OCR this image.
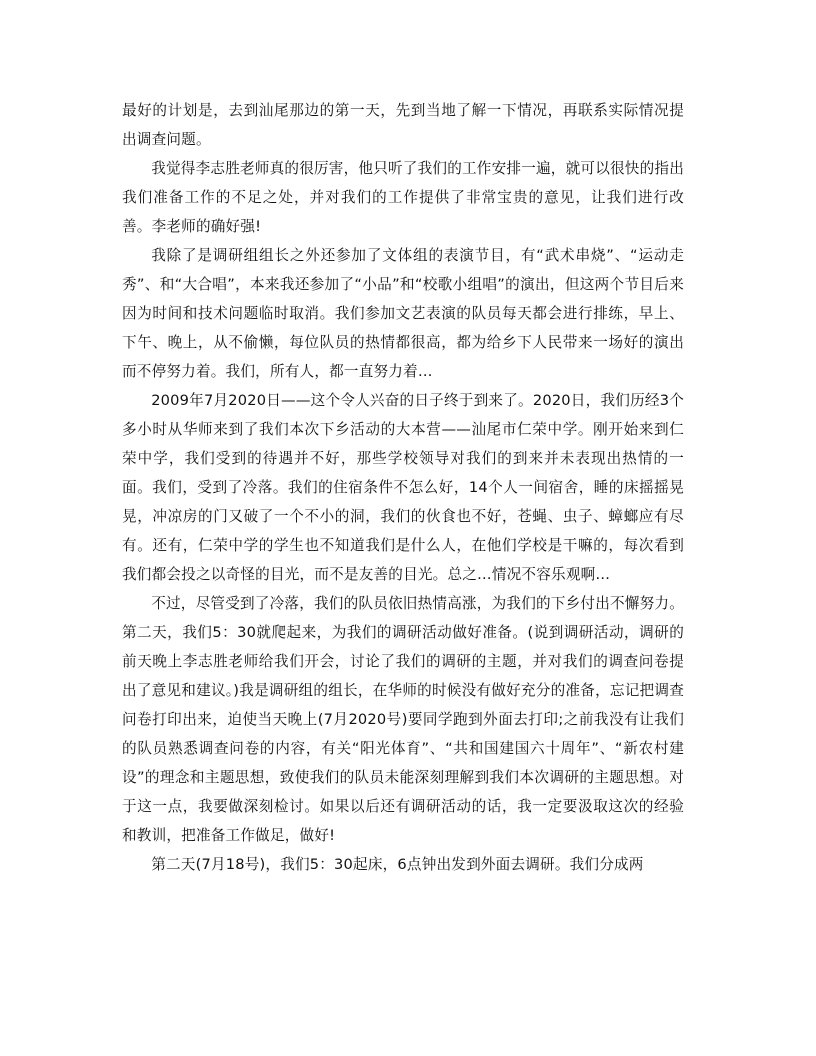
最好的计划是，去到汕尾那边的第一天，先到当地了解一下情况，再联系实际情况提出调查问题。

我觉得李志胜老师真的很厉害，他只听了我们的工作安排一遍，就可以很快的指出我们准备工作的不足之处，并对我们的工作提供了非常宝贵的意见，让我们进行改善。李老师的确好强!

我除了是调研组组长之外还参加了文体组的表演节目，有“武术串烧”、“运动走秀”、和“大合唱”，本来我还参加了“小品”和“校歌小组唱”的演出，但这两个节目后来因为时间和技术问题临时取消。我们参加文艺表演的队员每天都会进行排练，早上、下午、晚上，从不偷懒，每位队员的热情都很高，都为给乡下人民带来一场好的演出而不停努力着。我们，所有人，都一直努力着…

2009年7月2020日——这个令人兴奋的日子终于到来了。2020日，我们历经3个多小时从华师来到了我们本次下乡活动的大本营——汕尾市仁荣中学。刚开始来到仁荣中学，我们受到的待遇并不好，那些学校领导对我们的到来并未表现出热情的一面。我们，受到了冷落。我们的住宿条件不怎么好，14个人一间宿舍，睡的床摇摇晃晃，冲凉房的门又破了一个不小的洞，我们的伙食也不好，苍蝇、虫子、蟑螂应有尽有。还有，仁荣中学的学生也不知道我们是什么人，在他们学校是干嘛的，每次看到我们都会投之以奇怪的目光，而不是友善的目光。总之…情况不容乐观啊…

不过，尽管受到了冷落，我们的队员依旧热情高涨，为我们的下乡付出不懈努力。第二天，我们5：30就爬起来，为我们的调研活动做好准备。(说到调研活动，调研的前天晚上李志胜老师给我们开会，讨论了我们的调研的主题，并对我们的调查问卷提出了意见和建议。)我是调研组的组长，在华师的时候没有做好充分的准备，忘记把调查问卷打印出来，迫使当天晚上(7月2020号)要同学跑到外面去打印;之前我没有让我们的队员熟悉调查问卷的内容，有关“阳光体育”、“共和国建国六十周年”、“新农村建设”的理念和主题思想，致使我们的队员未能深刻理解到我们本次调研的主题思想。对于这一点，我要做深刻检讨。如果以后还有调研活动的话，我一定要汲取这次的经验和教训，把准备工作做足，做好!

第二天(7月18号)，我们5：30起床，6点钟出发到外面去调研。我们分成两
